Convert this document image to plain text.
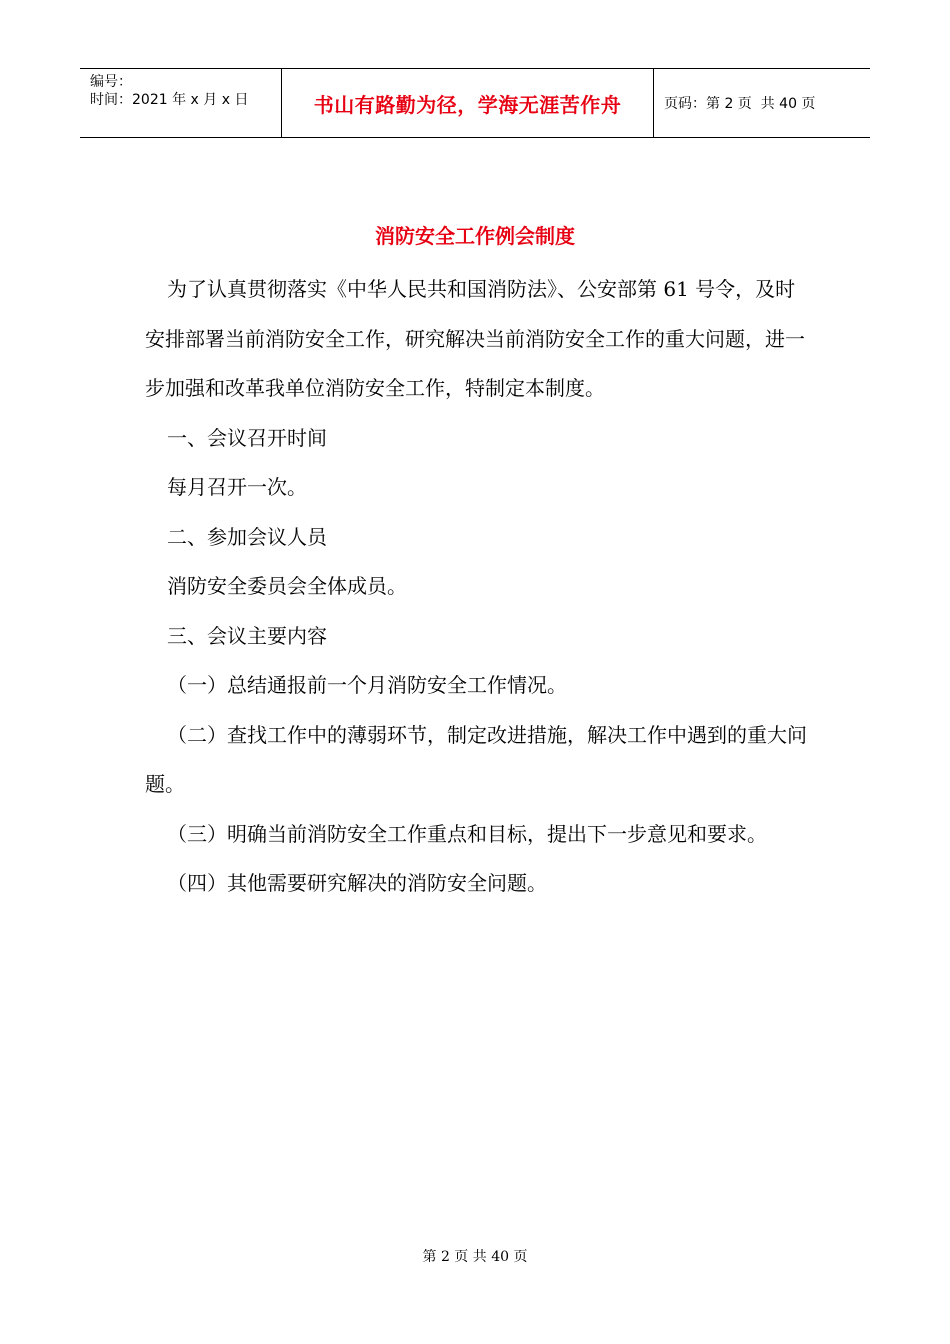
编号：
时间：2021 年 x 月 x 日	书山有路勤为径，学海无涯苦作舟	页码：第 2 页  共 40 页
消防安全工作例会制度

为了认真贯彻落实《中华人民共和国消防法》、公安部第 61 号令，及时安排部署当前消防安全工作，研究解决当前消防安全工作的重大问题，进一步加强和改革我单位消防安全工作，特制定本制度。

一、会议召开时间

每月召开一次。

二、参加会议人员

消防安全委员会全体成员。

三、会议主要内容

（一）总结通报前一个月消防安全工作情况。

（二）查找工作中的薄弱环节，制定改进措施，解决工作中遇到的重大问题。

（三）明确当前消防安全工作重点和目标，提出下一步意见和要求。

（四）其他需要研究解决的消防安全问题。

第 2 页 共 40 页
